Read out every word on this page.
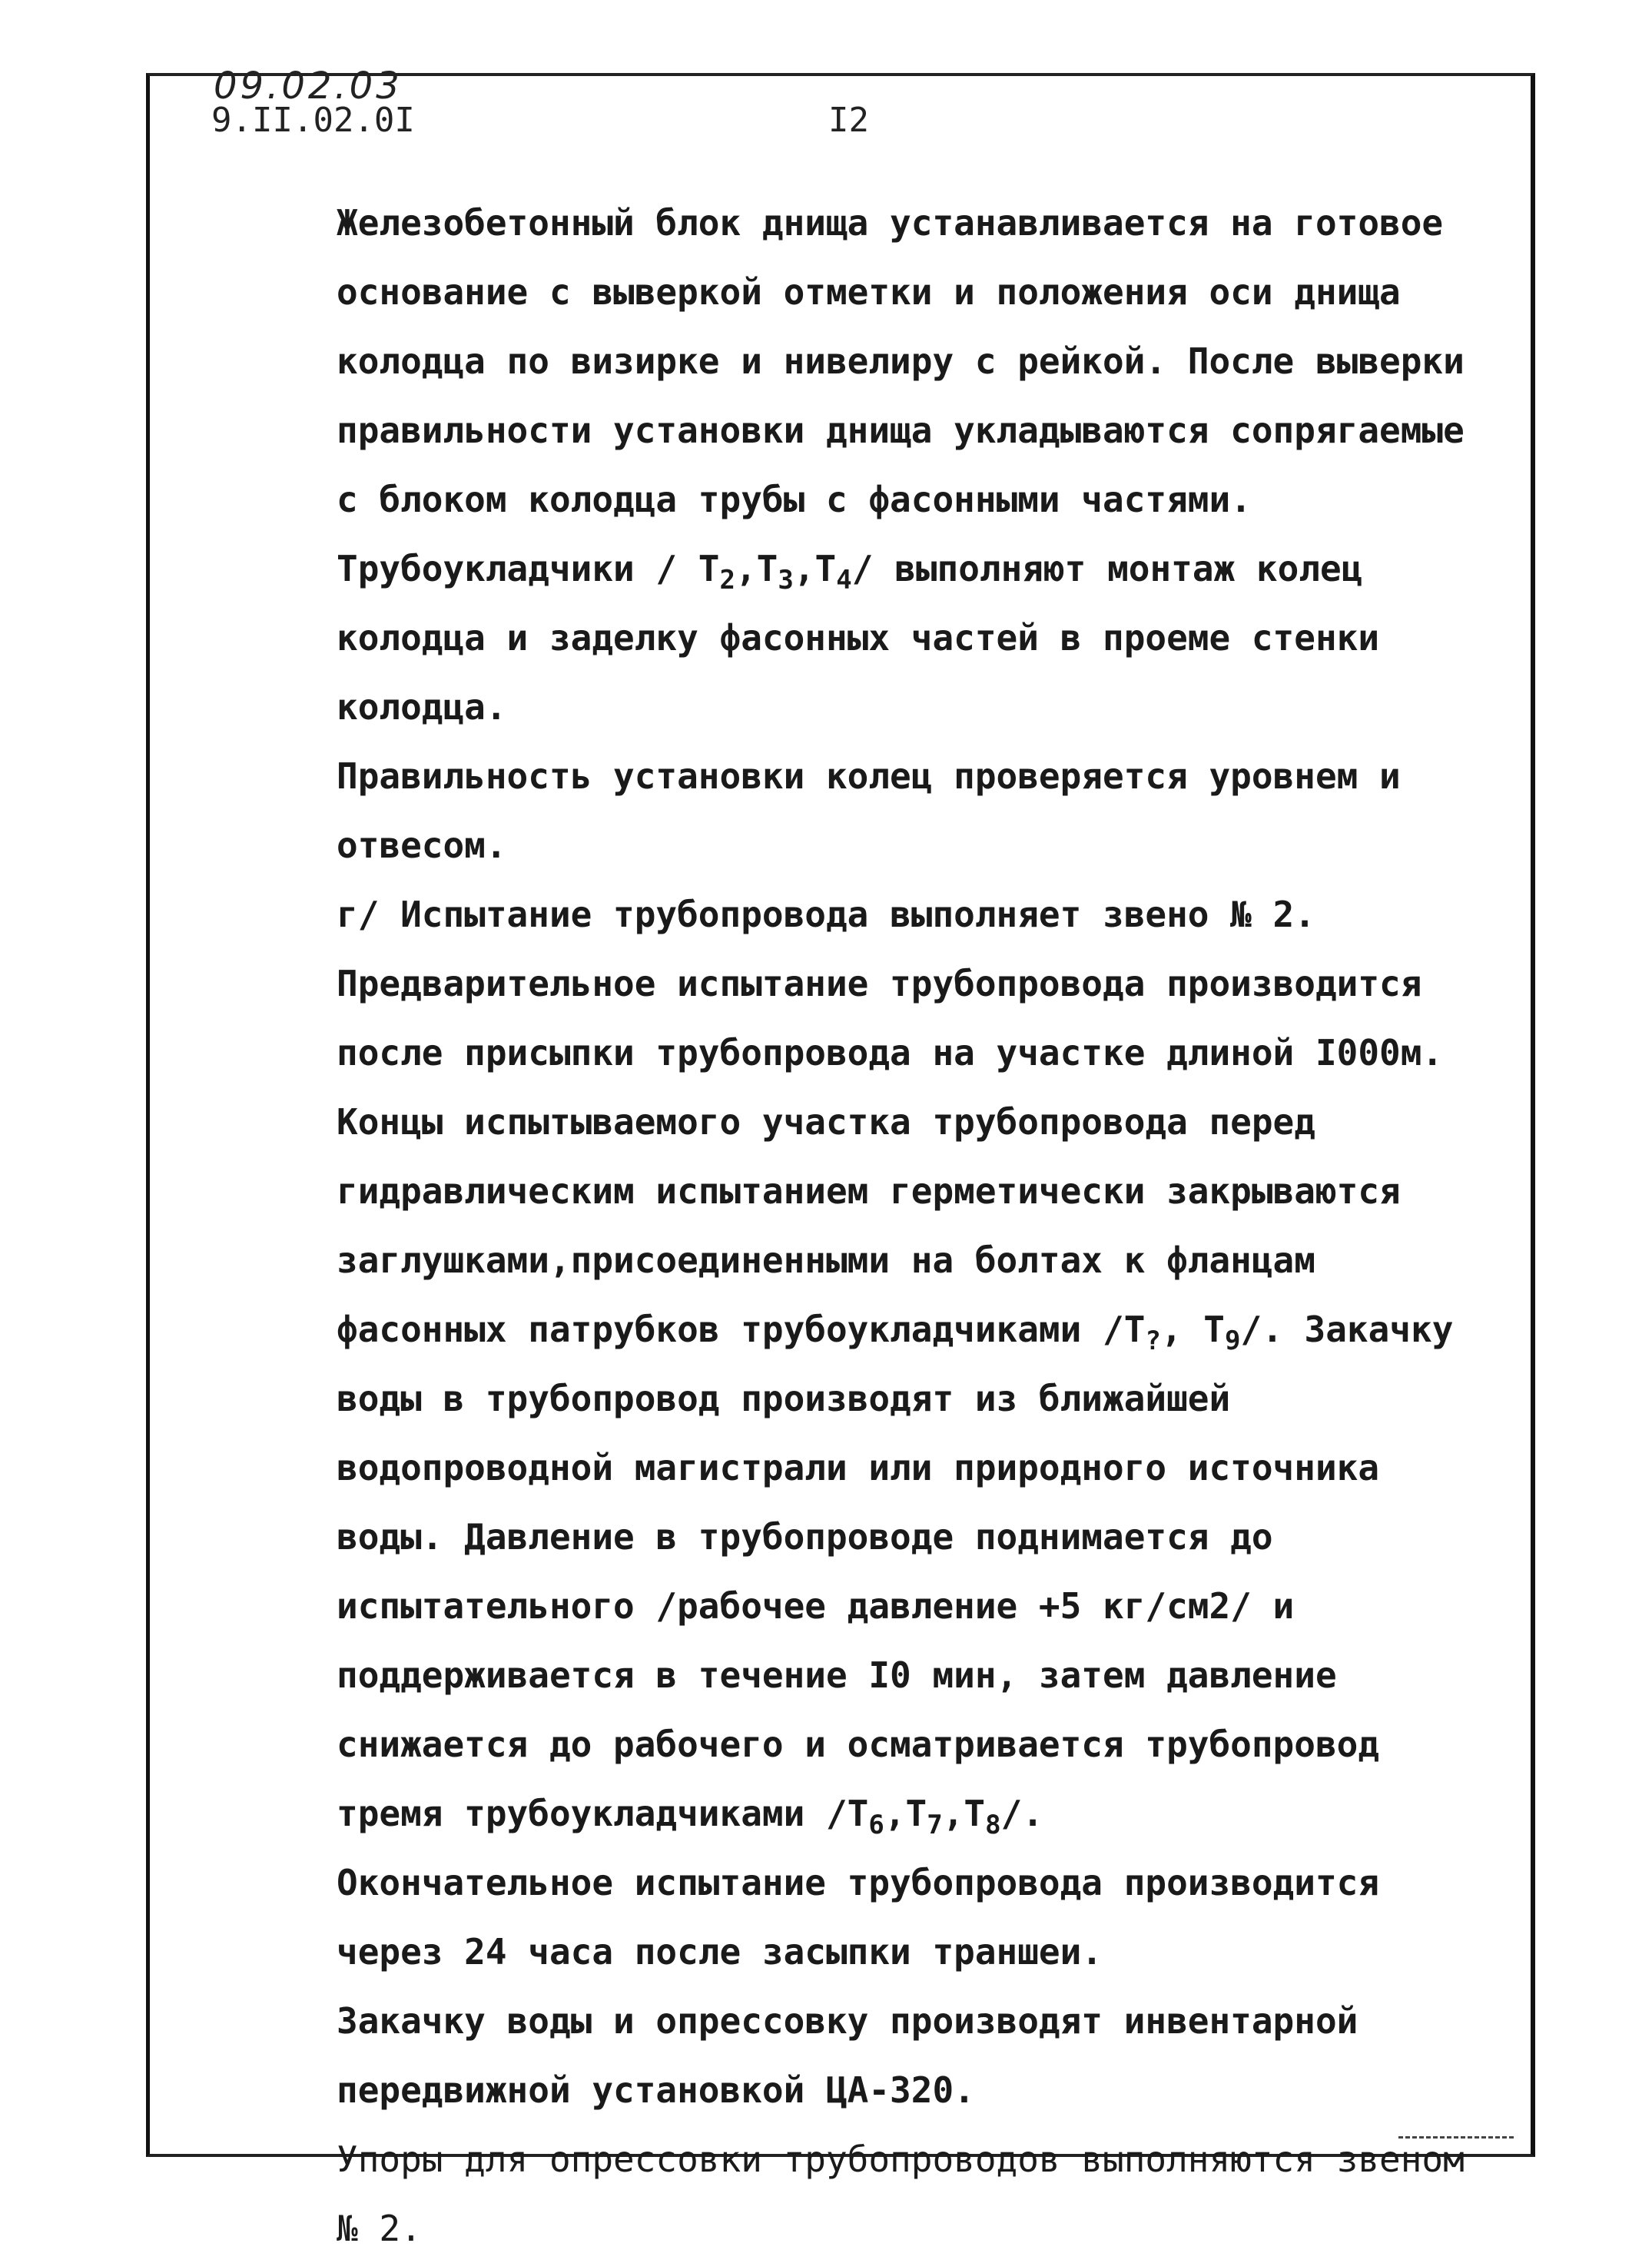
09.02.03
9.II.02.0I	I2

Железобетонный блок днища устанавливается на готовое основание с выверкой отметки и положения оси днища колодца по визирке и нивелиру с рейкой. После выверки правильности установки днища укладываются сопрягаемые с блоком колодца трубы с фасонными частями.

Трубоукладчики / $Т_2,Т_3,Т_4/$ выполняют монтаж колец колодца и заделку фасонных частей в проеме стенки колодца.

Правильность установки колец проверяется уровнем и отвесом.

г/ Испытание трубопровода выполняет звено № 2.

Предварительное испытание трубопровода производится после присыпки трубопровода на участке длиной I000м. Концы испытываемого участка трубопровода перед гидравлическим испытанием герметически закрываются заглушками,присоединенными на болтах к фланцам фасонных патрубков трубоукладчиками $/Т_?$, $Т_9/$. Закачку воды в трубопровод производят из ближайшей водопроводной магистрали или природного источника воды. Давление в трубопроводе поднимается до испытательного /рабочее давление +5 кг/см2/ и поддерживается в течение I0 мин, затем давление снижается до рабочего и осматривается трубопровод тремя трубоукладчиками $/Т_6,Т_7,Т_8/$.

Окончательное испытание трубопровода производится через 24 часа после засыпки траншеи.

Закачку воды и опрессовку производят инвентарной передвижной установкой ЦА-320.

Упоры для опрессовки трубопроводов выполняются звеном № 2.
